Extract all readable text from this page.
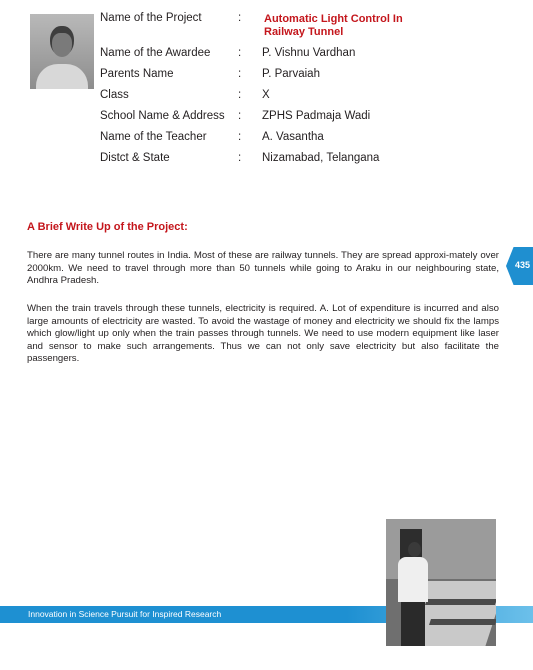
Name of the Project	: Automatic Light Control In
Railway Tunnel
Name of the Awardee : P. Vishnu Vardhan
Parents Name	: P. Parvaiah
Class	: X
School Name & Address : ZPHS Padmaja Wadi
Name of the Teacher	: A. Vasantha
Distct & State	: Nizamabad, Telangana
A Brief Write Up of the Project:

There are many tunnel routes in India. Most of these are railway tunnels. They are spread approxi-mately over 2000km. We need to travel through more than 50 tunnels while going to Araku in our neighbouring state, Andhra Pradesh.

When the train travels through these tunnels, electricity is required. A. Lot of expenditure is incurred and also large amounts of electricity are wasted. To avoid the wastage of money and electricity we should fix the lamps which glow/light up only when the train passes through tunnels. We need to use modern equipment like laser and sensor to make such arrangements. Thus we can not only save electricity but also facilitate the passengers.

435
Innovation in Science Pursuit for Inspired Research
